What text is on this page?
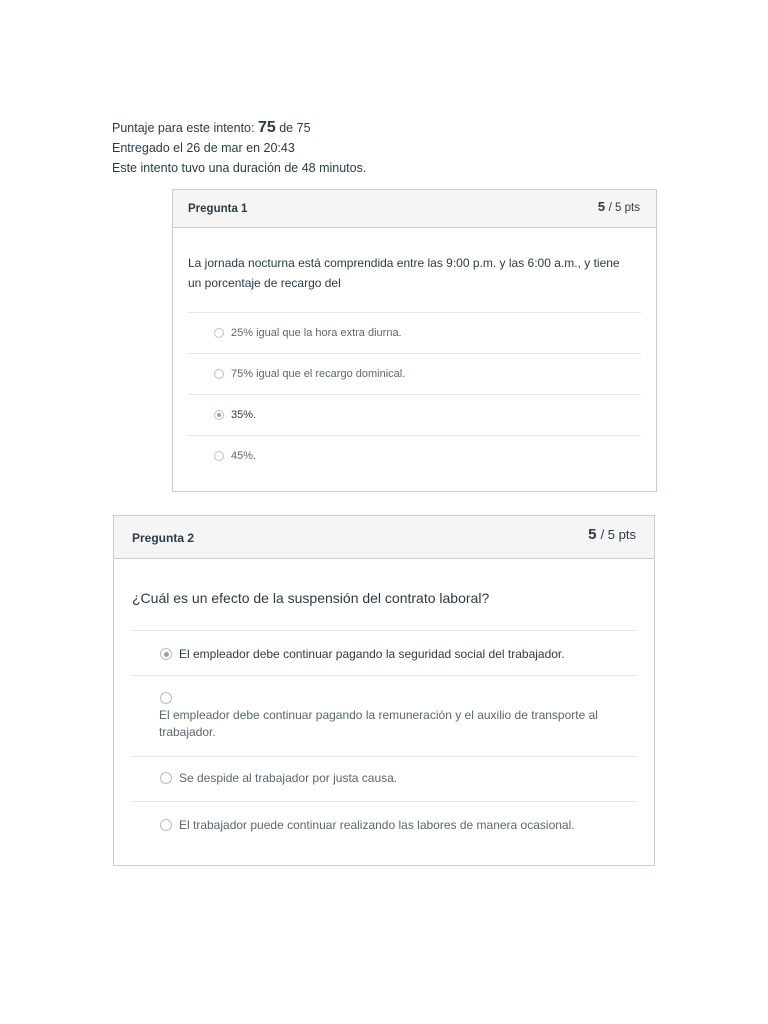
Puntaje para este intento: 75 de 75
Entregado el 26 de mar en 20:43
Este intento tuvo una duración de 48 minutos.
Pregunta 1	5 / 5 pts
La jornada nocturna está comprendida entre las 9:00 p.m. y las 6:00 a.m., y tiene un porcentaje de recargo del
25% igual que la hora extra diurna.
75% igual que el recargo dominical.
35%.
45%.
Pregunta 2	5 / 5 pts
¿Cuál es un efecto de la suspensión del contrato laboral?
El empleador debe continuar pagando la seguridad social del trabajador.
El empleador debe continuar pagando la remuneración y el auxilio de transporte al trabajador.
Se despide al trabajador por justa causa.
El trabajador puede continuar realizando las labores de manera ocasional.
